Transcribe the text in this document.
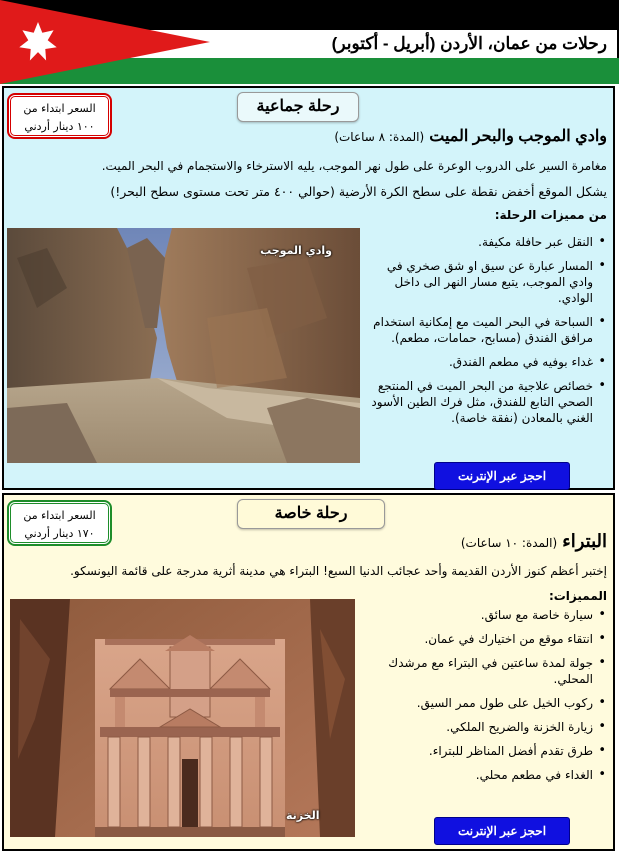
رحلات من عمان، الأردن (أبريل - أكتوبر)
رحلة جماعية
السعر ابتداء من
١٠٠ دينار أردني
وادي الموجب والبحر الميت (المدة: ٨ ساعات)
مغامرة السير على الدروب الوعرة على طول نهر الموجب، يليه الاسترخاء والاستجمام في البحر الميت.
يشكل الموقع أخفض نقطة على سطح الكرة الأرضية (حوالي ٤٠٠ متر تحت مستوى سطح البحر!)
من مميزات الرحلة:
وادي الموجب
• النقل عبر حافلة مكيفة.
• المسار عبارة عن سيق او شق صخري في وادي الموجب، يتبع مسار النهر الى داخل الوادي.
• السباحة في البحر الميت مع إمكانية استخدام مرافق الفندق (مسابح، حمامات، مطعم).
• غداء بوفيه في مطعم الفندق.
• خصائص علاجية من البحر الميت في المنتجع الصحي التابع للفندق، مثل فرك الطين الأسود الغني بالمعادن (نفقة خاصة).
احجز عبر الإنترنت
رحلة خاصة
السعر ابتداء من
١٧٠ دينار أردني	البتراء (المدة: ١٠ ساعات)
إختبر أعظم كنوز الأردن القديمة وأحد عجائب الدنيا السبع! البتراء هي مدينة أثرية مدرجة على قائمة اليونسكو.
المميزات:
الخزنة
• سيارة خاصة مع سائق.
• انتقاء موقع من اختيارك في عمان.
• جولة لمدة ساعتين في البتراء مع مرشدك المحلي.
• ركوب الخيل على طول ممر السيق.
• زيارة الخزنة والضريح الملكي.
• طرق تقدم أفضل المناظر للبتراء.
• الغداء في مطعم محلي.
احجز عبر الإنترنت
